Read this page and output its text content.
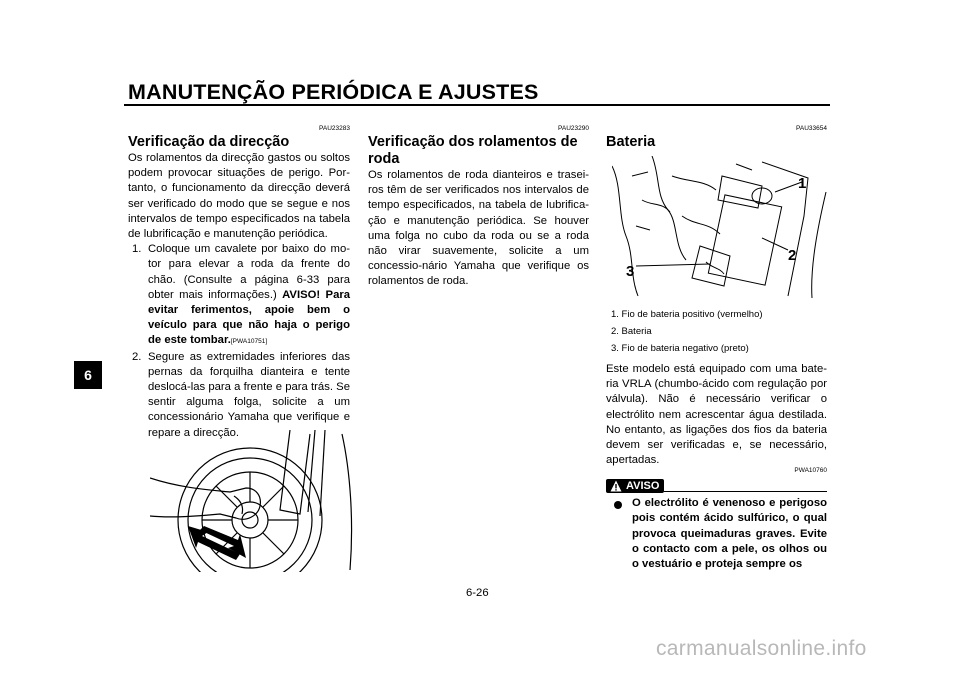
MANUTENÇÃO PERIÓDICA E AJUSTES
6
PAU23283
Verificação da direcção

Os rolamentos da direcção gastos ou soltos podem provocar situações de perigo. Por-tanto, o funcionamento da direcção deverá ser verificado do modo que se segue e nos intervalos de tempo especificados na tabela de lubrificação e manutenção periódica.

1. Coloque um cavalete por baixo do mo-tor para elevar a roda da frente do chão. (Consulte a página 6-33 para obter mais informações.) AVISO! Para evitar ferimentos, apoie bem o veículo para que não haja o perigo de este tombar.[PWA10751]
2. Segure as extremidades inferiores das pernas da forquilha dianteira e tente deslocá-las para a frente e para trás. Se sentir alguma folga, solicite a um concessionário Yamaha que verifique e repare a direcção.
PAU23290
Verificação dos rolamentos de roda

Os rolamentos de roda dianteiros e trasei-ros têm de ser verificados nos intervalos de tempo especificados, na tabela de lubrifica-ção e manutenção periódica. Se houver uma folga no cubo da roda ou se a roda não virar suavemente, solicite a um concessio-nário Yamaha que verifique os rolamentos de roda.

PAU33654
Bateria
1
2
3
1. Fio de bateria positivo (vermelho)
2. Bateria
3. Fio de bateria negativo (preto)

Este modelo está equipado com uma bate-ria VRLA (chumbo-ácido com regulação por válvula). Não é necessário verificar o electrólito nem acrescentar água destilada. No entanto, as ligações dos fios da bateria devem ser verificadas e, se necessário, apertadas.

PWA10760
AVISO
O electrólito é venenoso e perigoso pois contém ácido sulfúrico, o qual provoca queimaduras graves. Evite o contacto com a pele, os olhos ou o vestuário e proteja sempre os
6-26
carmanualsonline.info
